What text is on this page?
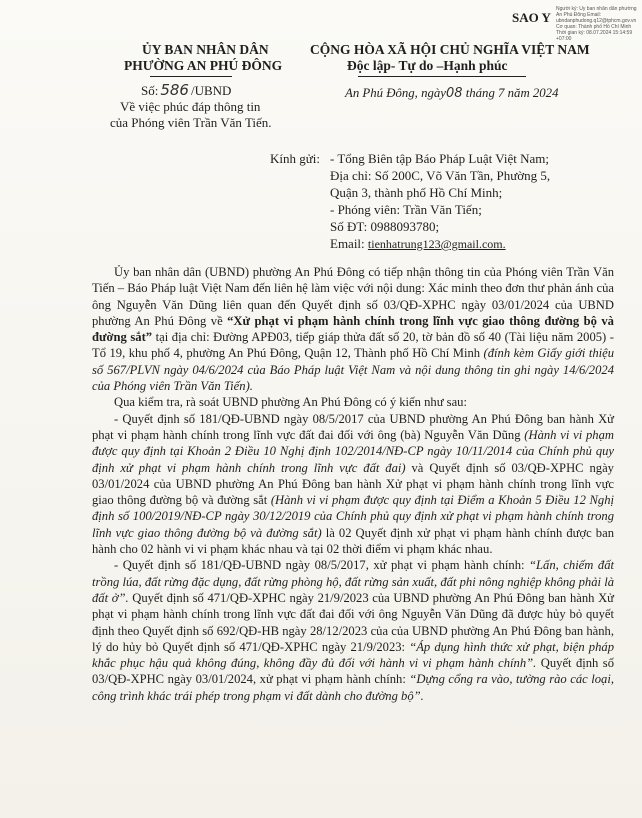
SAO Y
Người ký: Ủy ban nhân dân phường An Phú Đông Email: ubndanphudong.q12@tphcm.gov.vn Cơ quan: Thành phố Hồ Chí Minh Thời gian ký: 08.07.2024 15:14:59 +07:00
ỦY BAN NHÂN DÂN
PHƯỜNG AN PHÚ ĐÔNG
Số: 586 /UBND
Về việc phúc đáp thông tin
của Phóng viên Trần Văn Tiến.
CỘNG HÒA XÃ HỘI CHỦ NGHĨA VIỆT NAM
Độc lập- Tự do –Hạnh phúc
An Phú Đông, ngày08 tháng 7 năm 2024
Kính gửi: - Tổng Biên tập Báo Pháp Luật Việt Nam;
Địa chỉ: Số 200C, Võ Văn Tần, Phường 5,
Quận 3, thành phố Hồ Chí Minh;
- Phóng viên: Trần Văn Tiến;
Số ĐT: 0988093780;
Email: tienhatrung123@gmail.com.

Ủy ban nhân dân (UBND) phường An Phú Đông có tiếp nhận thông tin của Phóng viên Trần Văn Tiến – Báo Pháp luật Việt Nam đến liên hệ làm việc với nội dung: Xác minh theo đơn thư phản ánh của ông Nguyễn Văn Dũng liên quan đến Quyết định số 03/QĐ-XPHC ngày 03/01/2024 của UBND phường An Phú Đông về “Xử phạt vi phạm hành chính trong lĩnh vực giao thông đường bộ và đường sắt” tại địa chỉ: Đường APĐ03, tiếp giáp thửa đất số 20, tờ bản đồ số 40 (Tài liệu năm 2005) - Tổ 19, khu phố 4, phường An Phú Đông, Quận 12, Thành phố Hồ Chí Minh (đính kèm Giấy giới thiệu số 567/PLVN ngày 04/6/2024 của Báo Pháp luật Việt Nam và nội dung thông tin ghi ngày 14/6/2024 của Phóng viên Trần Văn Tiến).

Qua kiểm tra, rà soát UBND phường An Phú Đông có ý kiến như sau:

- Quyết định số 181/QĐ-UBND ngày 08/5/2017 của UBND phường An Phú Đông ban hành Xử phạt vi phạm hành chính trong lĩnh vực đất đai đối với ông (bà) Nguyễn Văn Dũng (Hành vi vi phạm được quy định tại Khoản 2 Điều 10 Nghị định 102/2014/NĐ-CP ngày 10/11/2014 của Chính phủ quy định xử phạt vi phạm hành chính trong lĩnh vực đất đai) và Quyết định số 03/QĐ-XPHC ngày 03/01/2024 của UBND phường An Phú Đông ban hành Xử phạt vi phạm hành chính trong lĩnh vực giao thông đường bộ và đường sắt (Hành vi vi phạm được quy định tại Điểm a Khoản 5 Điều 12 Nghị định số 100/2019/NĐ-CP ngày 30/12/2019 của Chính phủ quy định xử phạt vi phạm hành chính trong lĩnh vực giao thông đường bộ và đường sắt) là 02 Quyết định xử phạt vi phạm hành chính được ban hành cho 02 hành vi vi phạm khác nhau và tại 02 thời điểm vi phạm khác nhau.

- Quyết định số 181/QĐ-UBND ngày 08/5/2017, xử phạt vi phạm hành chính: “Lấn, chiếm đất trồng lúa, đất rừng đặc dụng, đất rừng phòng hộ, đất rừng sản xuất, đất phi nông nghiệp không phải là đất ở”. Quyết định số 471/QĐ-XPHC ngày 21/9/2023 của UBND phường An Phú Đông ban hành Xử phạt vi phạm hành chính trong lĩnh vực đất đai đối với ông Nguyễn Văn Dũng đã được hủy bỏ quyết định theo Quyết định số 692/QĐ-HB ngày 28/12/2023 của của UBND phường An Phú Đông ban hành, lý do hủy bỏ Quyết định số 471/QĐ-XPHC ngày 21/9/2023: “Áp dụng hình thức xử phạt, biện pháp khắc phục hậu quả không đúng, không đầy đủ đối với hành vi vi phạm hành chính”. Quyết định số 03/QĐ-XPHC ngày 03/01/2024, xử phạt vi phạm hành chính: “Dựng cổng ra vào, tường rào các loại, công trình khác trái phép trong phạm vi đất dành cho đường bộ”.
